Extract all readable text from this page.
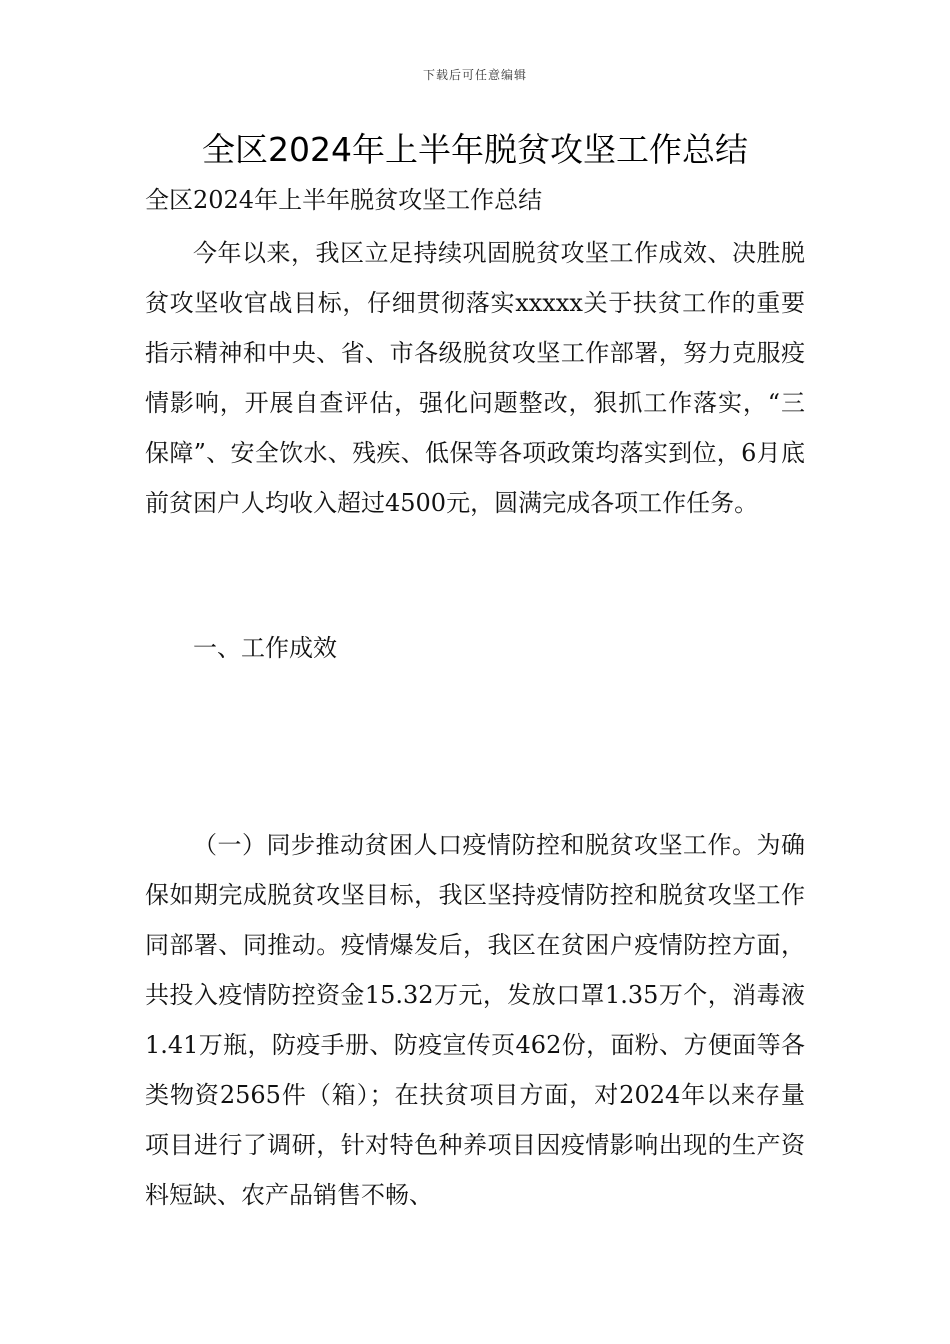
下载后可任意编辑
全区2024年上半年脱贫攻坚工作总结

全区2024年上半年脱贫攻坚工作总结

今年以来，我区立足持续巩固脱贫攻坚工作成效、决胜脱贫攻坚收官战目标，仔细贯彻落实xxxxx关于扶贫工作的重要指示精神和中央、省、市各级脱贫攻坚工作部署，努力克服疫情影响，开展自查评估，强化问题整改，狠抓工作落实，“三保障”、安全饮水、残疾、低保等各项政策均落实到位，6月底前贫困户人均收入超过4500元，圆满完成各项工作任务。

一、工作成效

（一）同步推动贫困人口疫情防控和脱贫攻坚工作。为确保如期完成脱贫攻坚目标，我区坚持疫情防控和脱贫攻坚工作同部署、同推动。疫情爆发后，我区在贫困户疫情防控方面，共投入疫情防控资金15.32万元，发放口罩1.35万个，消毒液1.41万瓶，防疫手册、防疫宣传页462份，面粉、方便面等各类物资2565件（箱）；在扶贫项目方面，对2024年以来存量项目进行了调研，针对特色种养项目因疫情影响出现的生产资料短缺、农产品销售不畅、
